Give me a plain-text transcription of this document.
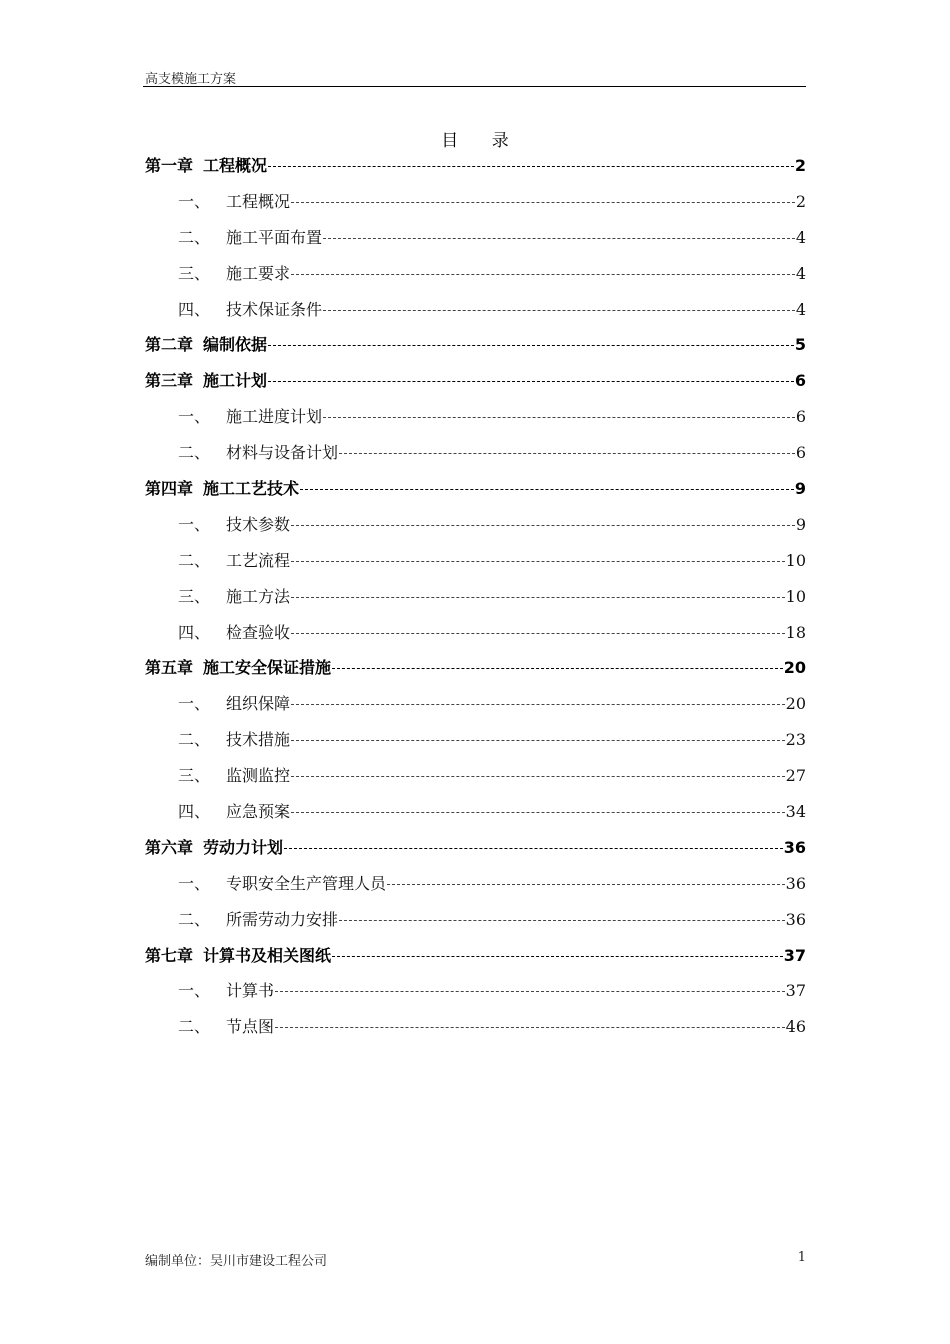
高支模施工方案
目 录
第一章 工程概况	2
一、 工程概况	2
二、 施工平面布置	4
三、 施工要求	4
四、 技术保证条件	4
第二章 编制依据	5
第三章 施工计划	6
一、 施工进度计划	6
二、 材料与设备计划	6
第四章 施工工艺技术	9
一、 技术参数	9
二、 工艺流程	10
三、 施工方法	10
四、 检查验收	18
第五章 施工安全保证措施	20
一、 组织保障	20
二、 技术措施	23
三、 监测监控	27
四、 应急预案	34
第六章 劳动力计划	36
一、 专职安全生产管理人员	36
二、 所需劳动力安排	36
第七章 计算书及相关图纸	37
一、 计算书	37
二、 节点图	46
编制单位：吴川市建设工程公司	1
